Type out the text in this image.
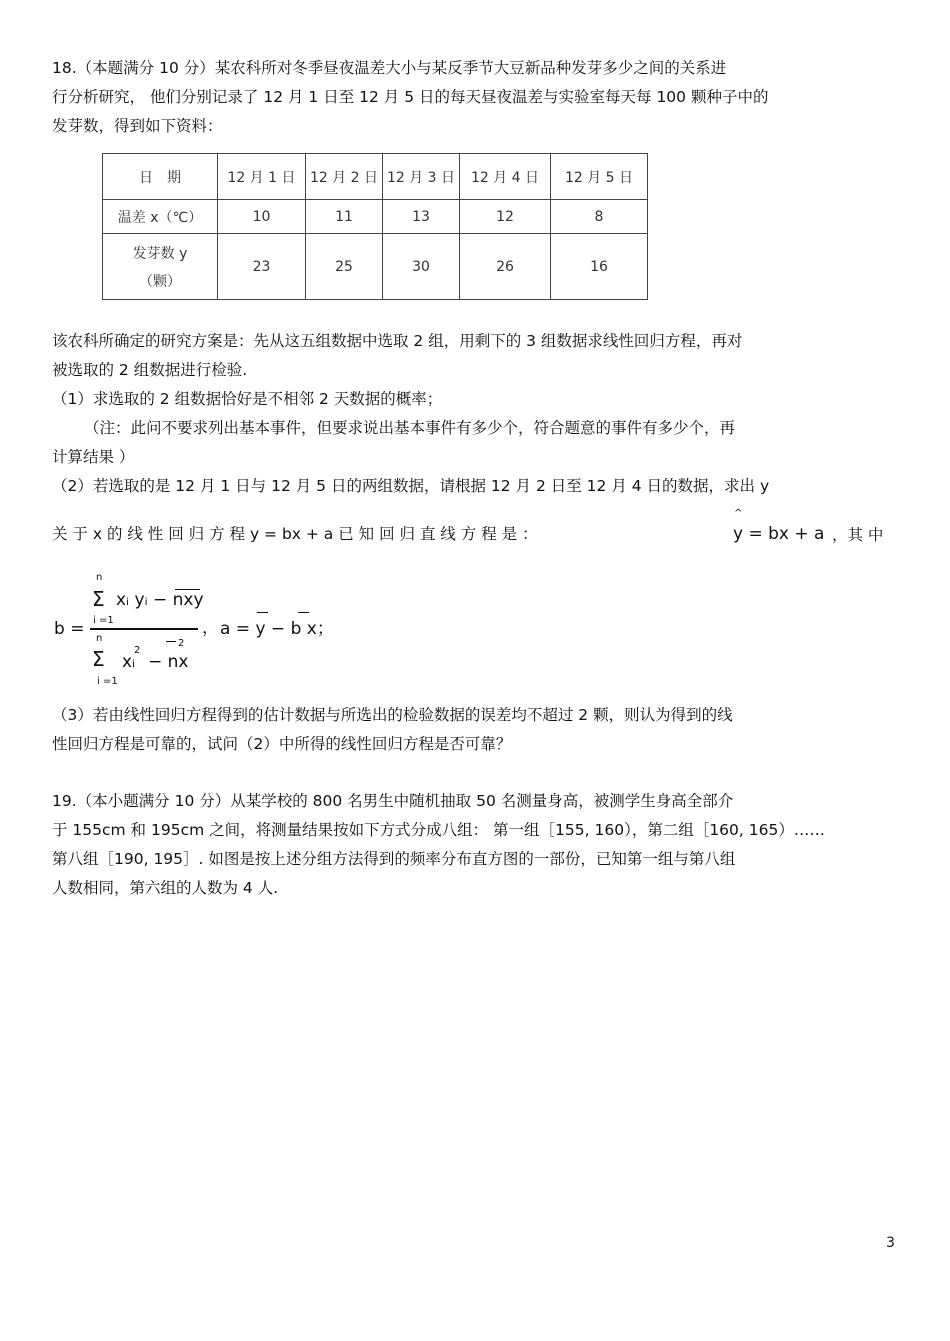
18.（本题满分 10 分）某农科所对冬季昼夜温差大小与某反季节大豆新品种发芽多少之间的关系进
行分析研究， 他们分别记录了 12 月 1 日至 12 月 5 日的每天昼夜温差与实验室每天每 100 颗种子中的
发芽数，得到如下资料：
日　期	12 月 1 日	12 月 2 日	12 月 3 日	12 月 4 日	12 月 5 日
温差 x（℃）	10	11	13	12	8

发芽数 y
（颗）	23	25	30	26	16
该农科所确定的研究方案是：先从这五组数据中选取 2 组，用剩下的 3 组数据求线性回归方程，再对
被选取的 2 组数据进行检验.
（1）求选取的 2 组数据恰好是不相邻 2 天数据的概率；
（注：此问不要求列出基本事件，但要求说出基本事件有多少个，符合题意的事件有多少个，再
计算结果 ）
（2）若选取的是 12 月 1 日与 12 月 5 日的两组数据，请根据 12 月 2 日至 12 月 4 日的数据，求出 y
关 于 x 的 线 性 回 归 方 程 y = bx + a 已 知 回 归 直 线 方 程 是 ：
^
y = bx + a ，其 中
n
Σ xᵢ yᵢ − nxy
i =1
b =	， a = y − b x；
n	2
Σ xᵢ
2
− nx
i =1
（3）若由线性回归方程得到的估计数据与所选出的检验数据的误差均不超过 2 颗，则认为得到的线
性回归方程是可靠的，试问（2）中所得的线性回归方程是否可靠？
19.（本小题满分 10 分）从某学校的 800 名男生中随机抽取 50 名测量身高，被测学生身高全部介
于 155cm 和 195cm 之间，将测量结果按如下方式分成八组： 第一组［155, 160），第二组［160, 165）……
第八组［190, 195］. 如图是按上述分组方法得到的频率分布直方图的一部份，已知第一组与第八组
人数相同，第六组的人数为 4 人.
3
